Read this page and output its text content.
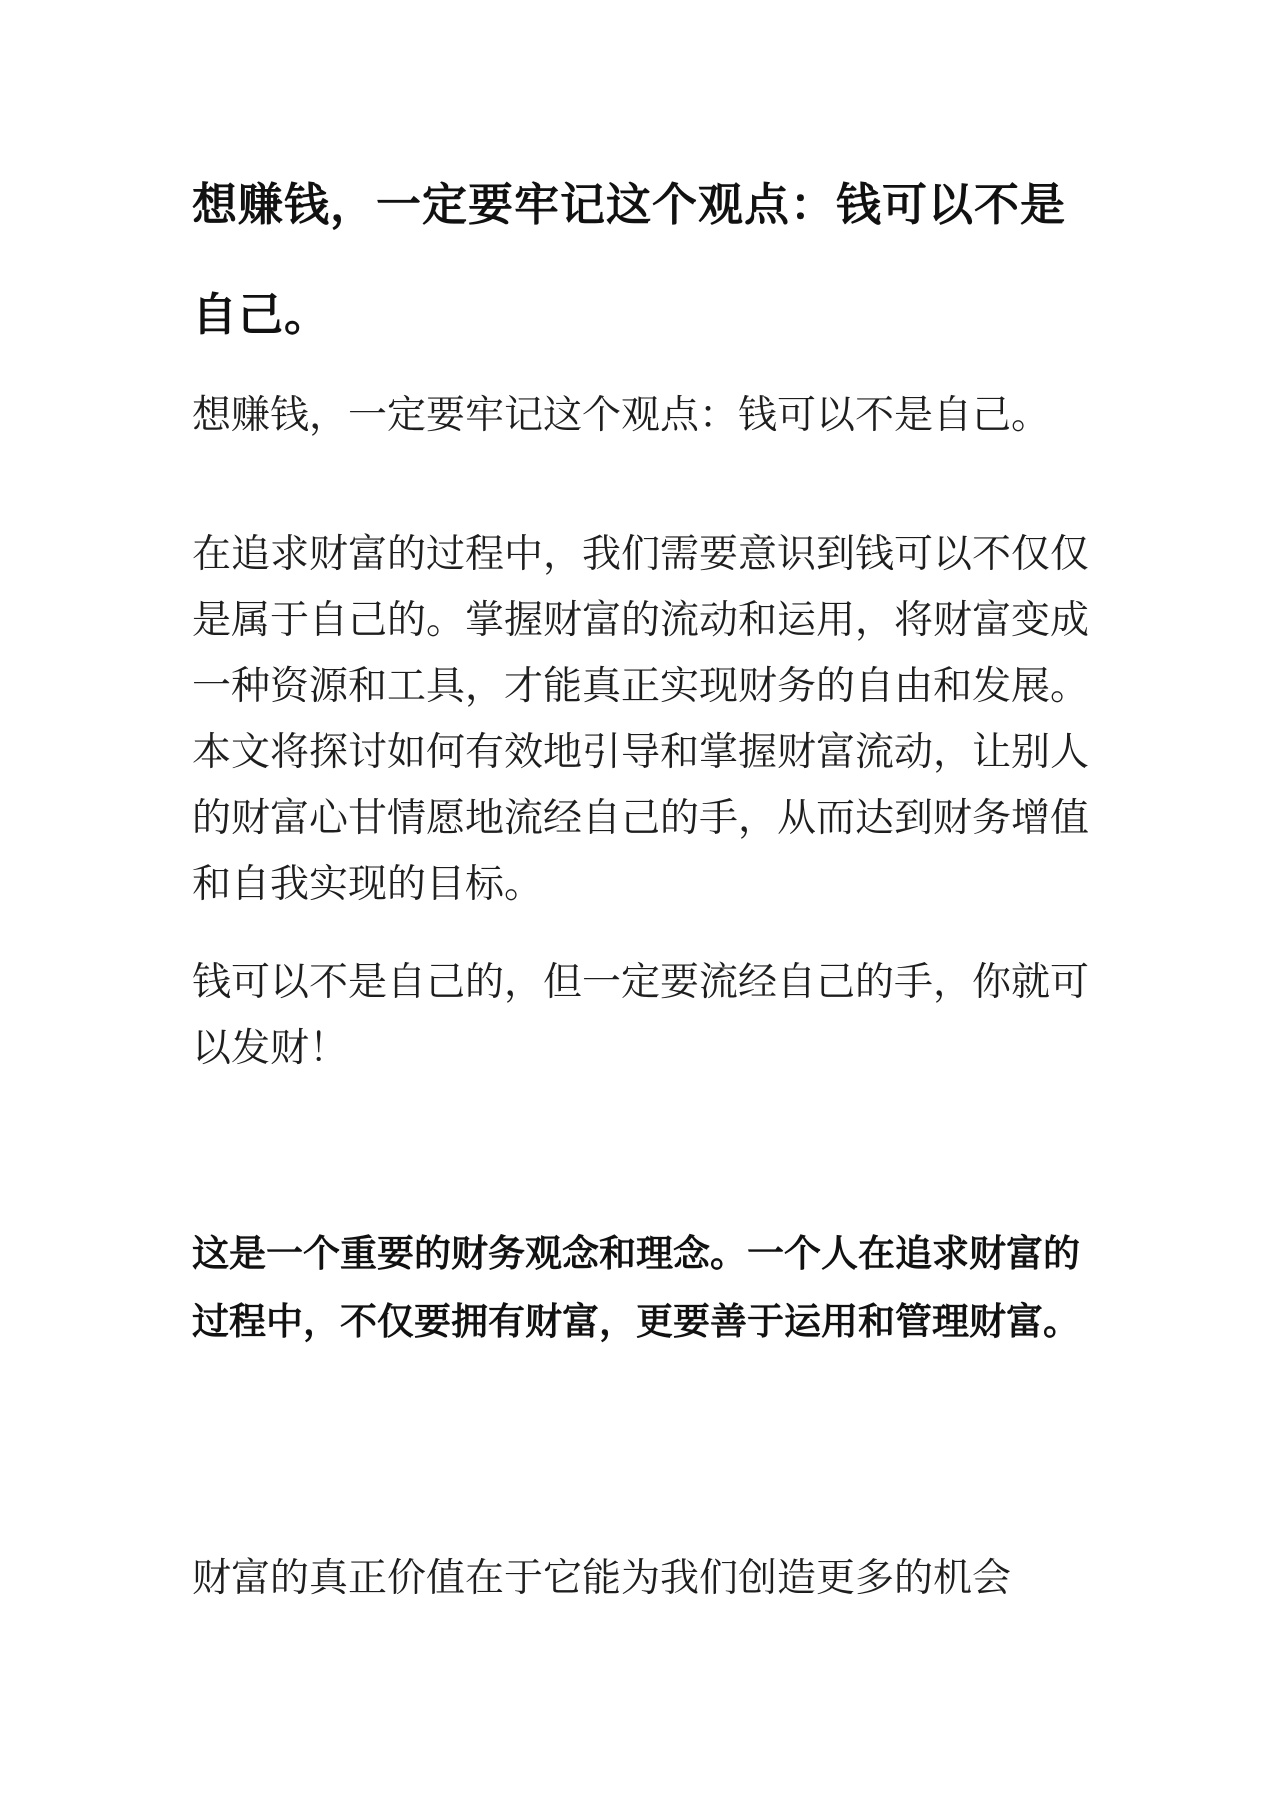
想赚钱，一定要牢记这个观点：钱可以不是自己。

想赚钱，一定要牢记这个观点：钱可以不是自己。

在追求财富的过程中，我们需要意识到钱可以不仅仅是属于自己的。掌握财富的流动和运用，将财富变成一种资源和工具，才能真正实现财务的自由和发展。本文将探讨如何有效地引导和掌握财富流动，让别人的财富心甘情愿地流经自己的手，从而达到财务增值和自我实现的目标。

钱可以不是自己的，但一定要流经自己的手，你就可以发财！

这是一个重要的财务观念和理念。一个人在追求财富的过程中，不仅要拥有财富，更要善于运用和管理财富。

财富的真正价值在于它能为我们创造更多的机会
